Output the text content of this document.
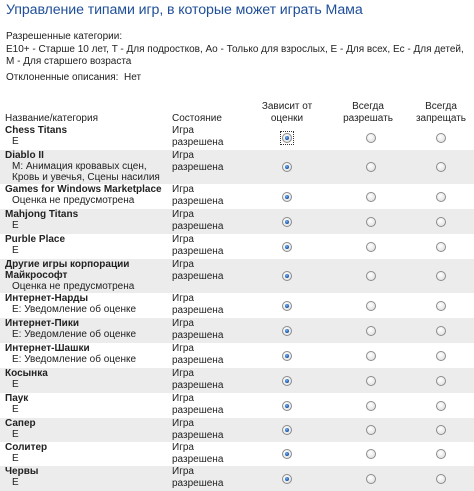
Управление типами игр, в которые может играть Мама
Разрешенные категории:
E10+ - Старше 10 лет, T - Для подростков, Ao - Только для взрослых, E - Для всех, Ec - Для детей, M - Для старшего возраста
Отклоненные описания: Нет
Название/категория	Состояние
Зависит от оценки
Всегда разрешать
Всегда запрещать
Chess Titans
E
Игра разрешена
Diablo II
M: Анимация кровавых сцен,
Кровь и увечья, Сцены насилия
Игра разрешена
Games for Windows Marketplace
Оценка не предусмотрена
Игра разрешена
Mahjong Titans
E
Игра разрешена
Purble Place
E
Игра разрешена
Другие игры корпорации
Майкрософт
Оценка не предусмотрена
Игра разрешена
Интернет-Нарды
E: Уведомление об оценке
Игра разрешена
Интернет-Пики
E: Уведомление об оценке
Игра разрешена
Интернет-Шашки
E: Уведомление об оценке
Игра разрешена
Косынка
E
Игра разрешена
Паук
E
Игра разрешена
Сапер
E
Игра разрешена
Солитер
E
Игра разрешена
Червы
E
Игра разрешена
